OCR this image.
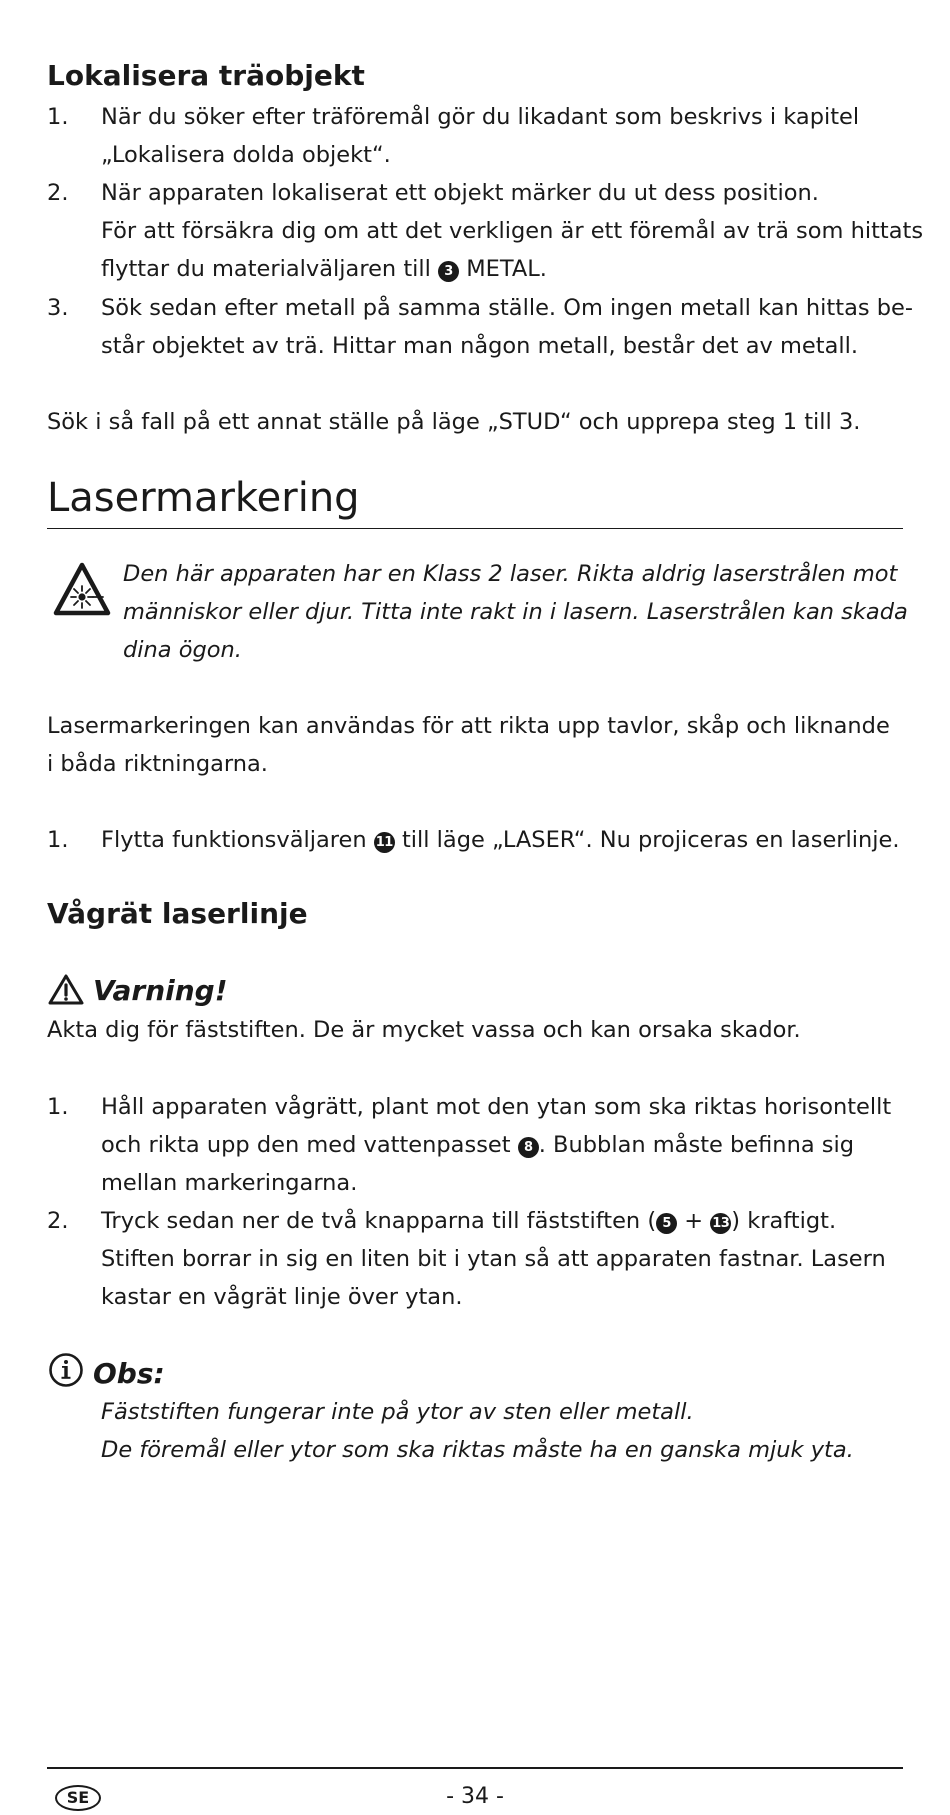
Lokalisera träobjekt
1. När du söker efter träföremål gör du likadant som beskrivs i kapitel
„Lokalisera dolda objekt“.
2. När apparaten lokaliserat ett objekt märker du ut dess position.
För att försäkra dig om att det verkligen är ett föremål av trä som hittats
flyttar du materialväljaren till 3 METAL.
3. Sök sedan efter metall på samma ställe. Om ingen metall kan hittas be-
står objektet av trä. Hittar man någon metall, består det av metall.

Sök i så fall på ett annat ställe på läge „STUD“ och upprepa steg 1 till 3.

Lasermarkering
Den här apparaten har en Klass 2 laser. Rikta aldrig laserstrålen mot
människor eller djur. Titta inte rakt in i lasern. Laserstrålen kan skada
dina ögon.

Lasermarkeringen kan användas för att rikta upp tavlor, skåp och liknande

i båda riktningarna.

1. Flytta funktionsväljaren 11 till läge „LASER“. Nu projiceras en laserlinje.
Vågrät laserlinje
Varning!

Akta dig för fäststiften. De är mycket vassa och kan orsaka skador.

1. Håll apparaten vågrätt, plant mot den ytan som ska riktas horisontellt
och rikta upp den med vattenpasset 8 . Bubblan måste befinna sig
mellan markeringarna.
2. Tryck sedan ner de två knapparna till fäststiften ( 5 + 13) kraftigt.
Stiften borrar in sig en liten bit i ytan så att apparaten fastnar. Lasern
kastar en vågrät linje över ytan.
Obs:
Fäststiften fungerar inte på ytor av sten eller metall.
De föremål eller ytor som ska riktas måste ha en ganska mjuk yta.
SE	- 34 -
